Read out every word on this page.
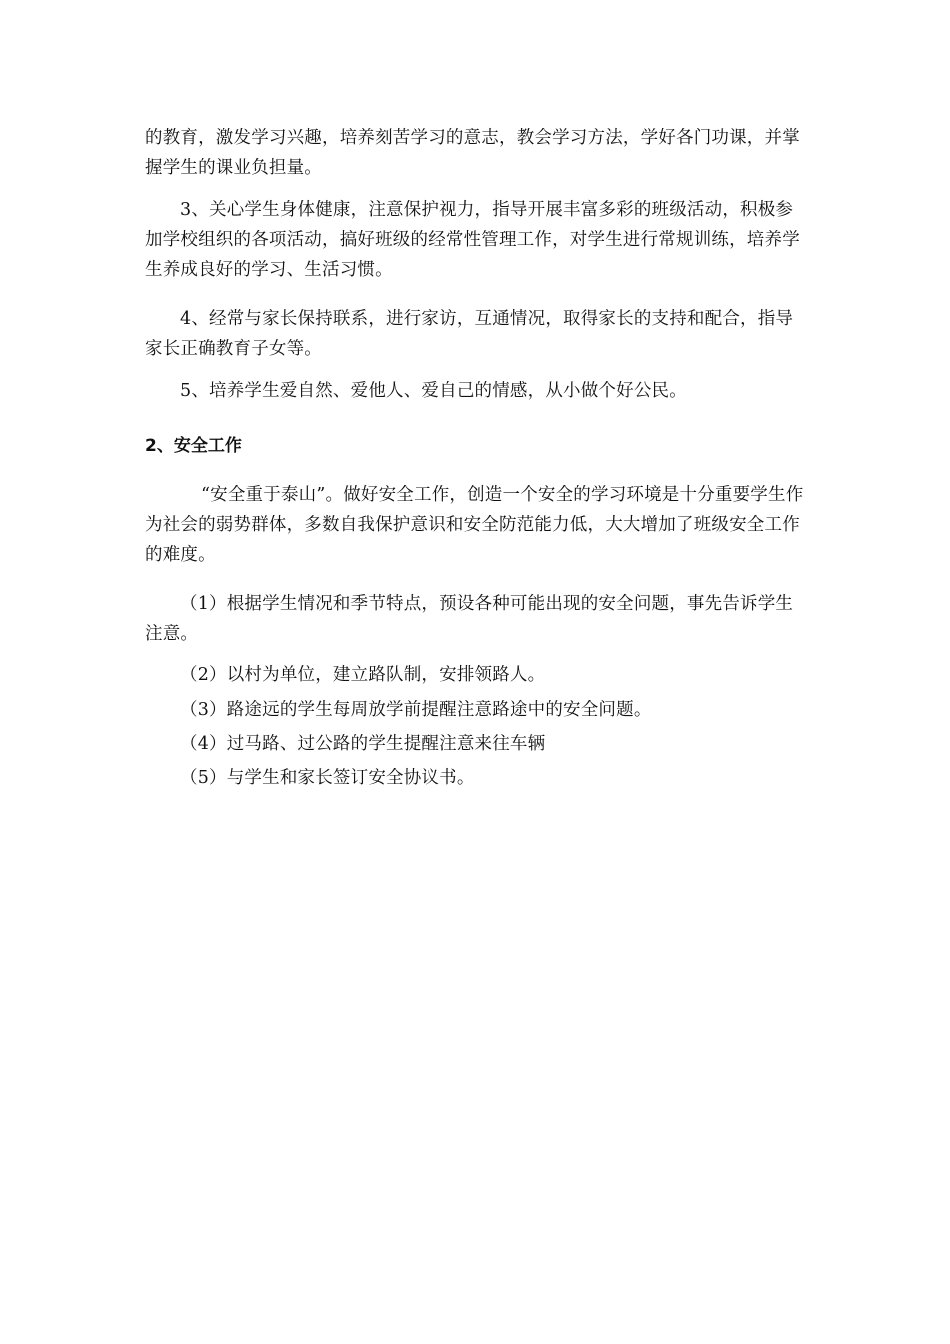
的教育，激发学习兴趣，培养刻苦学习的意志，教会学习方法，学好各门功课，并掌握学生的课业负担量。

3、关心学生身体健康，注意保护视力，指导开展丰富多彩的班级活动，积极参加学校组织的各项活动，搞好班级的经常性管理工作，对学生进行常规训练，培养学生养成良好的学习、生活习惯。

4、经常与家长保持联系，进行家访，互通情况，取得家长的支持和配合，指导家长正确教育子女等。

5、培养学生爱自然、爱他人、爱自己的情感，从小做个好公民。

2、安全工作

“安全重于泰山”。做好安全工作，创造一个安全的学习环境是十分重要学生作为社会的弱势群体，多数自我保护意识和安全防范能力低，大大增加了班级安全工作的难度。

（1）根据学生情况和季节特点，预设各种可能出现的安全问题，事先告诉学生注意。

（2）以村为单位，建立路队制，安排领路人。

（3）路途远的学生每周放学前提醒注意路途中的安全问题。

（4）过马路、过公路的学生提醒注意来往车辆

（5）与学生和家长签订安全协议书。
